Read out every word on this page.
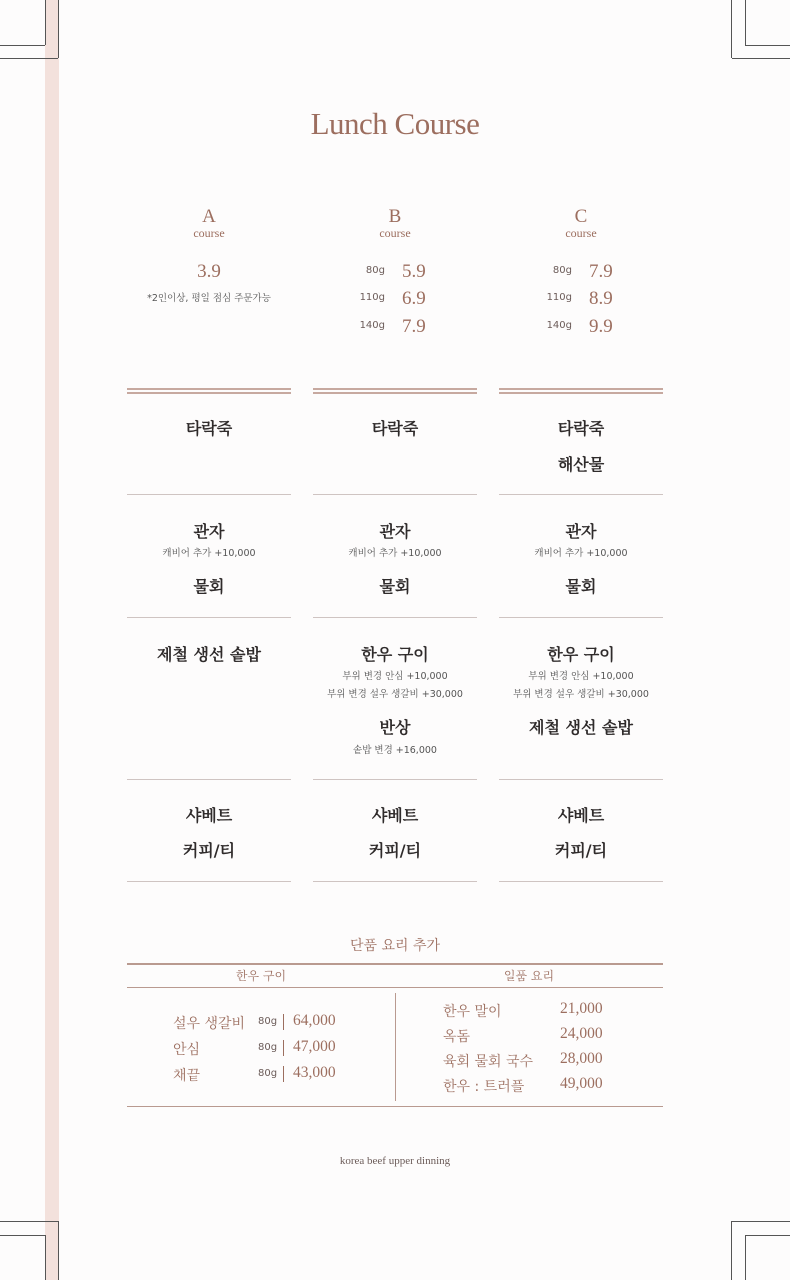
Lunch Course
A
course
B
course
C
course
3.9
*2인이상, 평일 점심 주문가능
80g 5.9
110g 6.9
140g 7.9
80g 7.9
110g 8.9
140g 9.9
타락죽	타락죽	타락죽
해산물
관자
캐비어 추가 +10,000
물회
관자
캐비어 추가 +10,000
물회
관자
캐비어 추가 +10,000
물회
제철 생선 솥밥	한우 구이
부위 변경 안심 +10,000
부위 변경 설우 생갈비 +30,000
반상
솥밥 변경 +16,000
한우 구이
부위 변경 안심 +10,000
부위 변경 설우 생갈비 +30,000
제철 생선 솥밥
샤베트
커피/티
샤베트
커피/티
샤베트
커피/티
단품 요리 추가
한우 구이	일품 요리
설우 생갈비 80g 64,000
안심	80g 47,000
채끝	80g 43,000
한우 말이	21,000
옥돔	24,000
육회 물회 국수 28,000
한우 : 트러플 49,000
korea beef upper dinning
